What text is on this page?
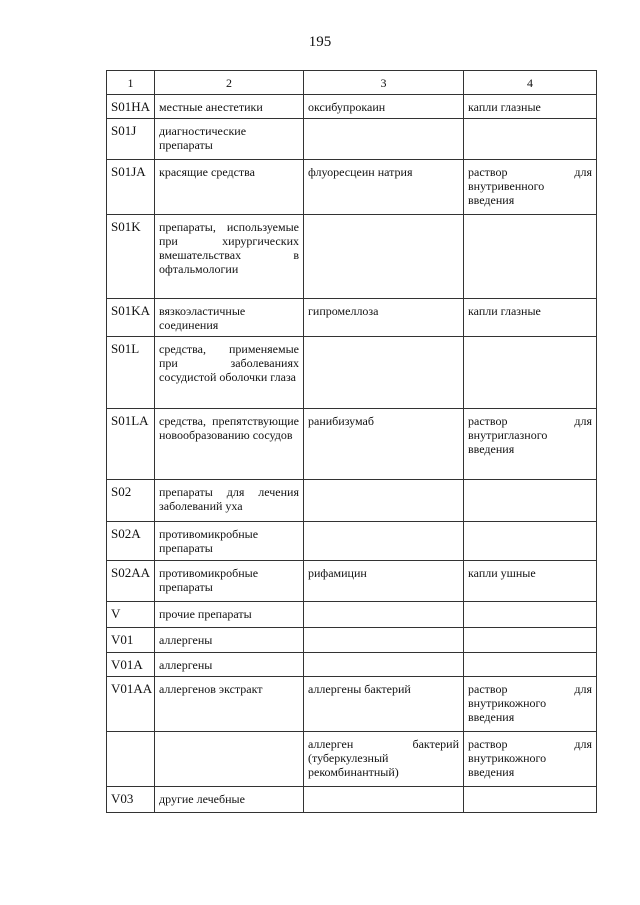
195
1	2	3	4
S01HA	местные анестетики	оксибупрокаин	капли глазные
S01J	диагностические препараты		
S01JA	красящие средства	флуоресцеин натрия	раствор для внутривенного введения
S01K	препараты, используемые при хирургических вмешательствах в офтальмологии		
S01KA	вязкоэластичные соединения	гипромеллоза	капли глазные
S01L	средства, применяемые при заболеваниях сосудистой оболочки глаза		
S01LA	средства, препятствующие новообразованию сосудов	ранибизумаб	раствор для внутриглазного введения
S02	препараты для лечения заболеваний уха		
S02A	противомикробные препараты		
S02AA	противомикробные препараты	рифамицин	капли ушные
V	прочие препараты		
V01	аллергены		
V01A	аллергены		
V01AA	аллергенов экстракт	аллергены бактерий	раствор для внутрикожного введения
		аллерген бактерий (туберкулезный рекомбинантный)	раствор для внутрикожного введения
V03	другие лечебные		
